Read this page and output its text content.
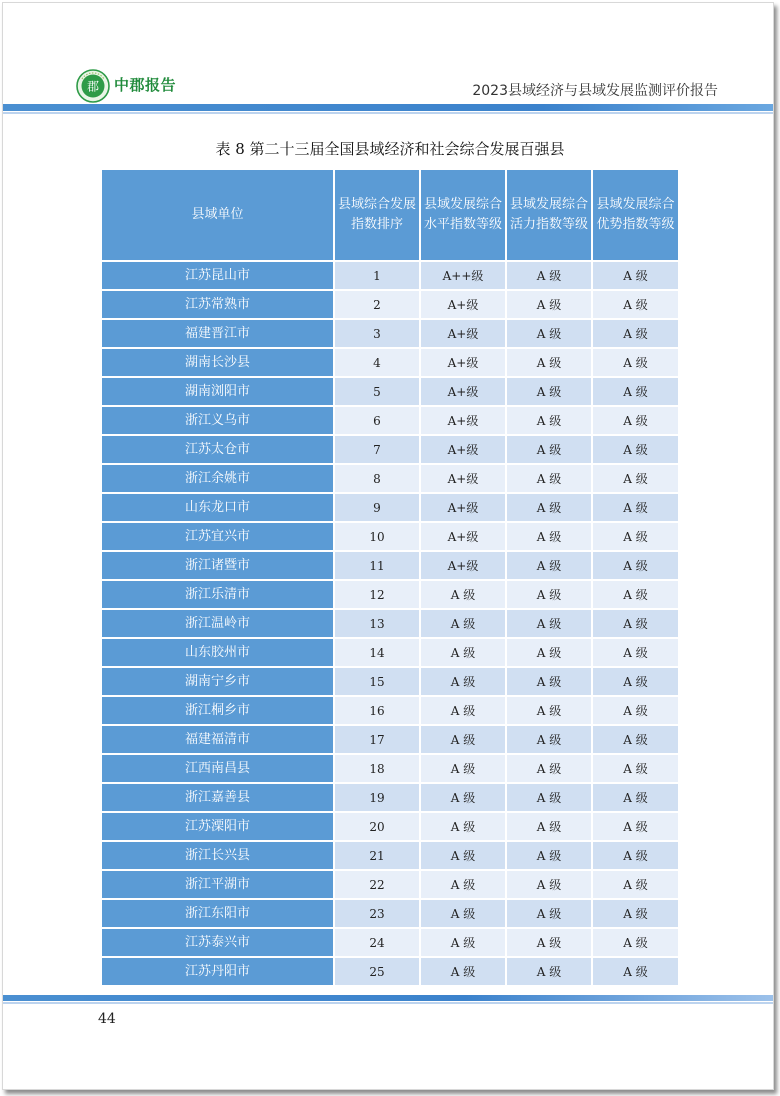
郡 中郡报告	2023县域经济与县域发展监测评价报告
表 8 第二十三届全国县域经济和社会综合发展百强县
县域单位	县域综合发展指数排序	县域发展综合水平指数等级	县域发展综合活力指数等级	县域发展综合优势指数等级
江苏昆山市	1	A++级	A 级	A 级
江苏常熟市	2	A+级	A 级	A 级
福建晋江市	3	A+级	A 级	A 级
湖南长沙县	4	A+级	A 级	A 级
湖南浏阳市	5	A+级	A 级	A 级
浙江义乌市	6	A+级	A 级	A 级
江苏太仓市	7	A+级	A 级	A 级
浙江余姚市	8	A+级	A 级	A 级
山东龙口市	9	A+级	A 级	A 级
江苏宜兴市	10	A+级	A 级	A 级
浙江诸暨市	11	A+级	A 级	A 级
浙江乐清市	12	A 级	A 级	A 级
浙江温岭市	13	A 级	A 级	A 级
山东胶州市	14	A 级	A 级	A 级
湖南宁乡市	15	A 级	A 级	A 级
浙江桐乡市	16	A 级	A 级	A 级
福建福清市	17	A 级	A 级	A 级
江西南昌县	18	A 级	A 级	A 级
浙江嘉善县	19	A 级	A 级	A 级
江苏溧阳市	20	A 级	A 级	A 级
浙江长兴县	21	A 级	A 级	A 级
浙江平湖市	22	A 级	A 级	A 级
浙江东阳市	23	A 级	A 级	A 级
江苏泰兴市	24	A 级	A 级	A 级
江苏丹阳市	25	A 级	A 级	A 级
44
